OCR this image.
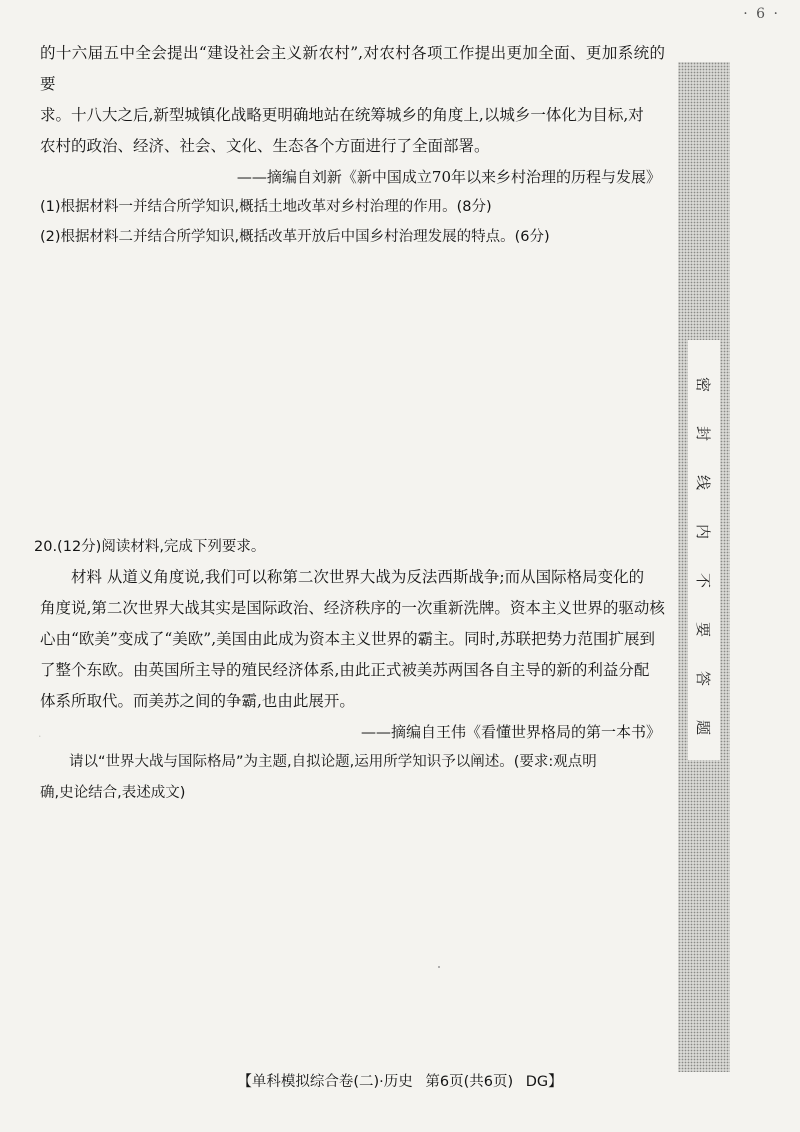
· 6 ·

的十六届五中全会提出“建设社会主义新农村”,对农村各项工作提出更加全面、更加系统的要

求。十八大之后,新型城镇化战略更明确地站在统筹城乡的角度上,以城乡一体化为目标,对

农村的政治、经济、社会、文化、生态各个方面进行了全面部署。

——摘编自刘新《新中国成立70年以来乡村治理的历程与发展》

(1)根据材料一并结合所学知识,概括土地改革对乡村治理的作用。(8分)

(2)根据材料二并结合所学知识,概括改革开放后中国乡村治理发展的特点。(6分)

20.(12分)阅读材料,完成下列要求。

材料 从道义角度说,我们可以称第二次世界大战为反法西斯战争;而从国际格局变化的

角度说,第二次世界大战其实是国际政治、经济秩序的一次重新洗牌。资本主义世界的驱动核

心由“欧美”变成了“美欧”,美国由此成为资本主义世界的霸主。同时,苏联把势力范围扩展到

了整个东欧。由英国所主导的殖民经济体系,由此正式被美苏两国各自主导的新的利益分配

体系所取代。而美苏之间的争霸,也由此展开。

——摘编自王伟《看懂世界格局的第一本书》

请以“世界大战与国际格局”为主题,自拟论题,运用所学知识予以阐述。(要求:观点明

确,史论结合,表述成文)

·
密
封
线
内
不
要
答
题
【单科模拟综合卷(二)·历史 第6页(共6页) DG】
